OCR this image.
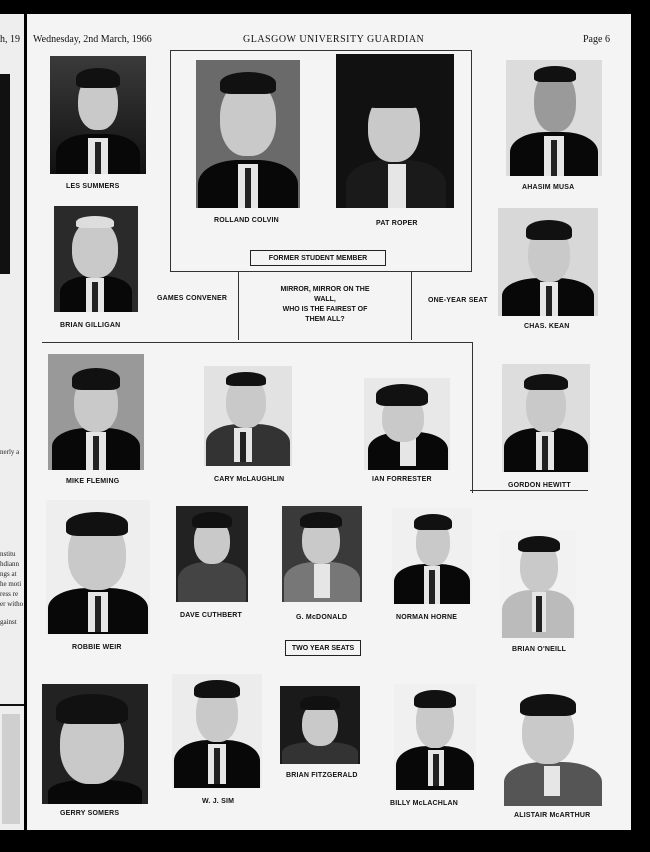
nerly a
nstitu
hdiann
ngs at
he moti
ress re
er witho
gainst
h, 19 Wednesday, 2nd March, 1966	GLASGOW UNIVERSITY GUARDIAN	Page 6
LES SUMMERS
ROLLAND COLVIN	PAT ROPER
AHASIM MUSA
BRIAN GILLIGAN
FORMER STUDENT MEMBER
GAMES CONVENER
MIRROR, MIRROR ON THE
WALL,
WHO IS THE FAIREST OF
THEM ALL?
ONE-YEAR SEAT
CHAS. KEAN
MIKE FLEMING	CARY McLAUGHLIN	IAN FORRESTER
GORDON HEWITT
ROBBIE WEIR
DAVE CUTHBERT	G. McDONALD	NORMAN HORNE
BRIAN O'NEILL
TWO YEAR SEATS
GERRY SOMERS
W. J. SIM
BRIAN FITZGERALD
BILLY McLACHLAN
ALISTAIR McARTHUR
